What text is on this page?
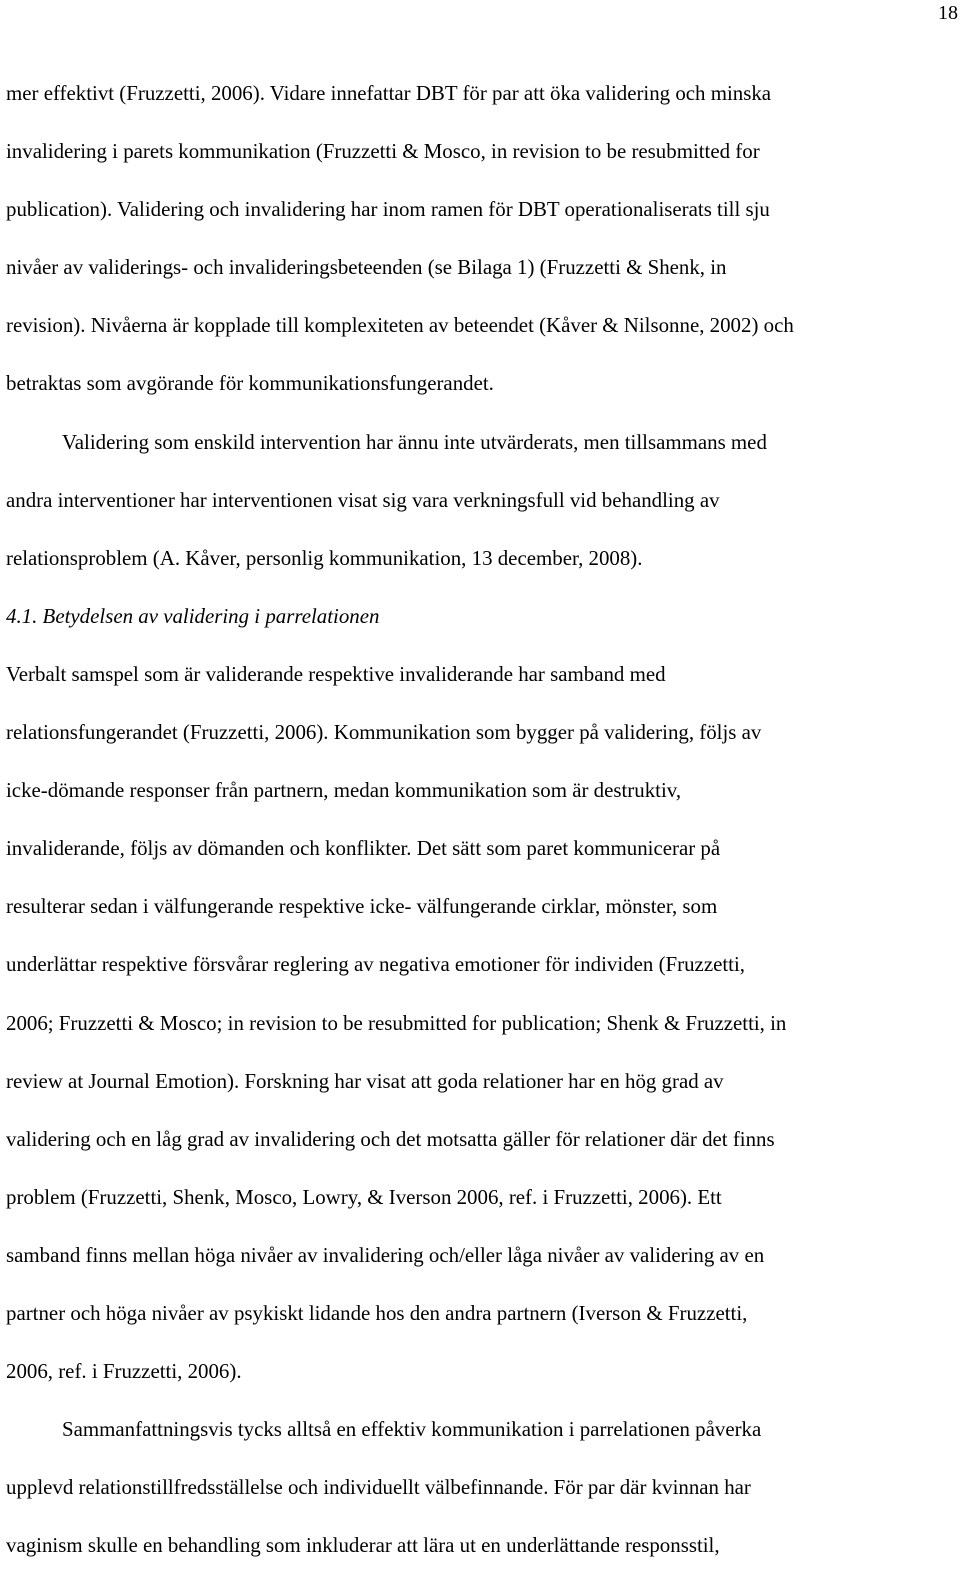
18
mer effektivt (Fruzzetti, 2006). Vidare innefattar DBT för par att öka validering och minska
invalidering i parets kommunikation (Fruzzetti & Mosco, in revision to be resubmitted for
publication). Validering och invalidering har inom ramen för DBT operationaliserats till sju
nivåer av validerings- och invalideringsbeteenden (se Bilaga 1) (Fruzzetti & Shenk, in
revision). Nivåerna är kopplade till komplexiteten av beteendet (Kåver & Nilsonne, 2002) och
betraktas som avgörande för kommunikationsfungerandet.
Validering som enskild intervention har ännu inte utvärderats, men tillsammans med
andra interventioner har interventionen visat sig vara verkningsfull vid behandling av
relationsproblem (A. Kåver, personlig kommunikation, 13 december, 2008).
4.1. Betydelsen av validering i parrelationen
Verbalt samspel som är validerande respektive invaliderande har samband med
relationsfungerandet (Fruzzetti, 2006). Kommunikation som bygger på validering, följs av
icke-dömande responser från partnern, medan kommunikation som är destruktiv,
invaliderande, följs av dömanden och konflikter. Det sätt som paret kommunicerar på
resulterar sedan i välfungerande respektive icke- välfungerande cirklar, mönster, som
underlättar respektive försvårar reglering av negativa emotioner för individen (Fruzzetti,
2006; Fruzzetti & Mosco; in revision to be resubmitted for publication; Shenk & Fruzzetti, in
review at Journal Emotion). Forskning har visat att goda relationer har en hög grad av
validering och en låg grad av invalidering och det motsatta gäller för relationer där det finns
problem (Fruzzetti, Shenk, Mosco, Lowry, & Iverson 2006, ref. i Fruzzetti, 2006). Ett
samband finns mellan höga nivåer av invalidering och/eller låga nivåer av validering av en
partner och höga nivåer av psykiskt lidande hos den andra partnern (Iverson & Fruzzetti,
2006, ref. i Fruzzetti, 2006).
Sammanfattningsvis tycks alltså en effektiv kommunikation i parrelationen påverka
upplevd relationstillfredsställelse och individuellt välbefinnande. För par där kvinnan har
vaginism skulle en behandling som inkluderar att lära ut en underlättande responsstil,
